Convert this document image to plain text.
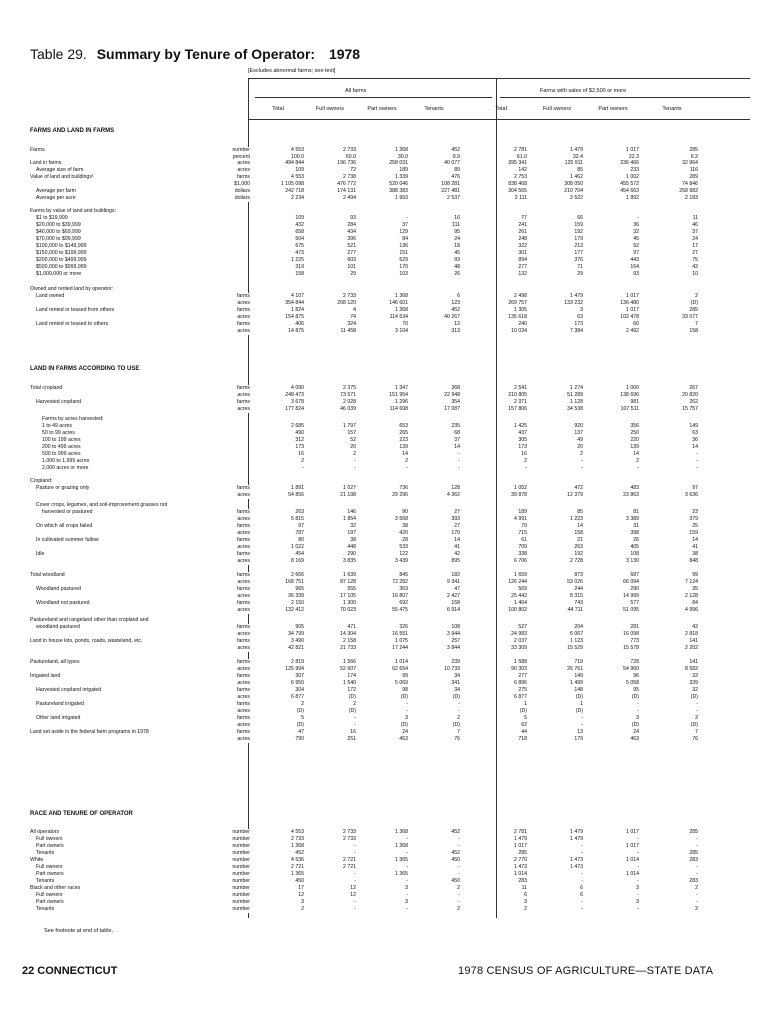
Table 29. Summary by Tenure of Operator: 1978
[Excludes abnormal farms; see text]
All farms	Farms with sales of $2,500 or more
Total	Full owners	Part owners	Tenants	Total	Full owners	Part owners	Tenants
FARMS AND LAND IN FARMS
LAND IN FARMS ACCORDING TO USE
RACE AND TENURE OF OPERATOR
Farms	number	4 553	2 733	1 368	452	2 781	1 479	1 017	285
percent	100.0	60.0	30.0	9.9	61.0	32.4	22.3	6.2
Land in farms	acres	494 844	196 736	258 031	40 077	395 341	125 911	236 466	32 964
Average size of farm	acres	109	72	189	89	142	85	233	116
Value of land and buildings¹	farms	4 553	2 738	1 339	476	2 753	1 462	1 002	289
$1,000	1 105 098	476 772	520 046	108 281	838 468	308 050	455 572	74 846
Average per farm	dollars	242 718	174 131	388 383	227 481	304 565	210 704	454 663	258 982
Average per acre	dollars	2 234	2 494	1 993	2 537	2 111	2 522	1 892	2 183
Farms by value of land and buildings:
$1 to $19,999	109	93	-	16	77	66	-	11
$20,000 to $39,999	432	284	37	111	241	159	36	46
$40,000 to $69,999	658	434	129	95	261	192	32	37
$70,000 to $99,999	504	396	84	24	248	179	45	24
$100,000 to $149,999	675	521	136	18	322	213	92	17
$150,000 to $199,999	473	277	151	45	301	177	97	27
$200,000 to $499,999	1 225	603	529	93	894	376	443	75
$500,000 to $999,999	319	101	170	48	277	71	164	42
$1,000,000 or more	158	29	103	26	132	29	93	10
Owned and rented land by operator:
Land owned	farms	4 107	2 733	1 368	6	2 498	1 479	1 017	2
acres	354 844	208 120	146 601	123	269 757	133 232	136 480	(D)
Land rented or leased from others	farms	1 824	4	1 368	452	1 305	3	1 017	285
acres	154 875	74	114 534	40 267	135 618	63	102 478	33 077
Land rented or leased to others	farms	406	324	70	12	240	173	60	7
acres	14 875	11 458	3 104	313	10 034	7 384	2 492	158
Total cropland	farms	4 090	2 375	1 347	368	2 541	1 274	1 000	267
acres	248 473	73 571	151 954	22 948	210 805	51 289	138 696	20 820
Harvested cropland	farms	3 678	2 028	1 296	354	2 371	1 128	981	262
acres	177 824	46 039	114 698	17 087	157 806	34 538	107 511	15 757
Farms by acres harvested:
1 to 49 acres	2 685	1 797	653	235	1 425	920	356	149
50 to 99 acres	490	157	265	68	437	137	250	63
100 to 199 acres	312	52	223	37	305	49	220	36
200 to 499 acres	173	20	139	14	173	20	139	14
500 to 999 acres	16	2	14	-	16	2	14	-
1,000 to 1,999 acres	2	-	2	-	2	-	2	-
2,000 acres or more	-	-	-	-	-	-	-	-
Cropland:
Pasture or grazing only	farms	1 891	1 027	736	128	1 052	472	483	97
acres	54 856	21 198	29 296	4 362	39 878	12 379	23 863	3 636
Cover crops, legumes, and soil-improvement grasses not
harvested or pastured	farms	263	146	90	27	189	85	81	23
acres	5 815	1 854	3 568	393	4 991	1 223	3 389	379
On which all crops failed	farms	97	32	38	27	70	14	31	25
acres	787	197	420	170	715	158	398	159
In cultivated summer fallow	farms	80	38	28	14	61	21	26	14
acres	1 022	448	533	41	709	263	405	41
Idle	farms	454	290	122	42	338	192	108	38
acres	8 169	3 835	3 439	895	6 706	2 728	3 130	848
Total woodland	farms	2 666	1 639	845	182	1 659	873	687	99
acres	168 751	87 128	72 282	9 341	126 244	53 026	66 094	7 124
Woodland pastured	farms	965	555	363	47	569	244	290	35
acres	36 339	17 105	16 807	2 427	25 442	8 315	14 999	2 128
Woodland not pastured	farms	2 150	1 300	692	158	1 404	743	577	84
acres	132 412	70 023	55 475	6 914	100 802	44 711	51 095	4 996
Pastureland and rangeland other than cropland and
woodland pastured	farms	905	471	326	108	527	204	281	42
acres	34 799	14 304	16 551	3 944	24 983	6 067	16 098	2 818
Land in house lots, ponds, roads, wasteland, etc.	farms	3 490	2 158	1 075	257	2 037	1 123	773	141
acres	42 821	21 733	17 244	3 844	33 309	15 529	15 578	2 202
Pastureland, all types	farms	2 819	1 566	1 014	239	1 588	719	728	141
acres	125 994	52 607	62 654	10 733	90 303	26 761	54 960	8 582
Irrigated land	farms	307	174	99	34	277	149	96	32
acres	6 950	1 540	5 069	341	6 896	1 499	5 058	339
Harvested cropland irrigated	farms	304	172	98	34	275	148	95	32
acres	6 877	(D)	(D)	(D)	6 877	(D)	(D)	(D)
Pastureland irrigated	farms	2	2	-	-	1	1	-	-
acres	(D)	(D)	-	-	(D)	(D)	-	-
Other land irrigated	farms	5	-	3	2	5	-	3	2
acres	(D)	-	(D)	(D)	62	-	(D)	(D)
Land set aside in the federal farm programs in 1978	farms	47	16	24	7	44	13	24	7
acres	790	251	463	76	718	179	463	76
All operators	number	4 553	2 733	1 368	452	2 781	1 479	1 017	285
Full owners	number	2 733	2 733	-	-	1 479	1 479	-	-
Part owners	number	1 368	-	1 368	-	1 017	-	1 017	-
Tenants	number	452	-	-	452	285	-	-	285
White	number	4 536	2 721	1 365	450	2 770	1 473	1 014	283
Full owners	number	2 721	2 721	-	-	1 473	1 473	-	-
Part owners	number	1 365	-	1 365	-	1 014	-	1 014	-
Tenants	number	450	-	-	450	283	-	-	283
Black and other races	number	17	12	3	2	11	6	3	2
Full owners	number	12	12	-	-	6	6	-	-
Part owners	number	3	-	3	-	3	-	3	-
Tenants	number	2	-	-	2	2	-	-	2
See footnote at end of table.
22 CONNECTICUT	1978 CENSUS OF AGRICULTURE—STATE DATA
